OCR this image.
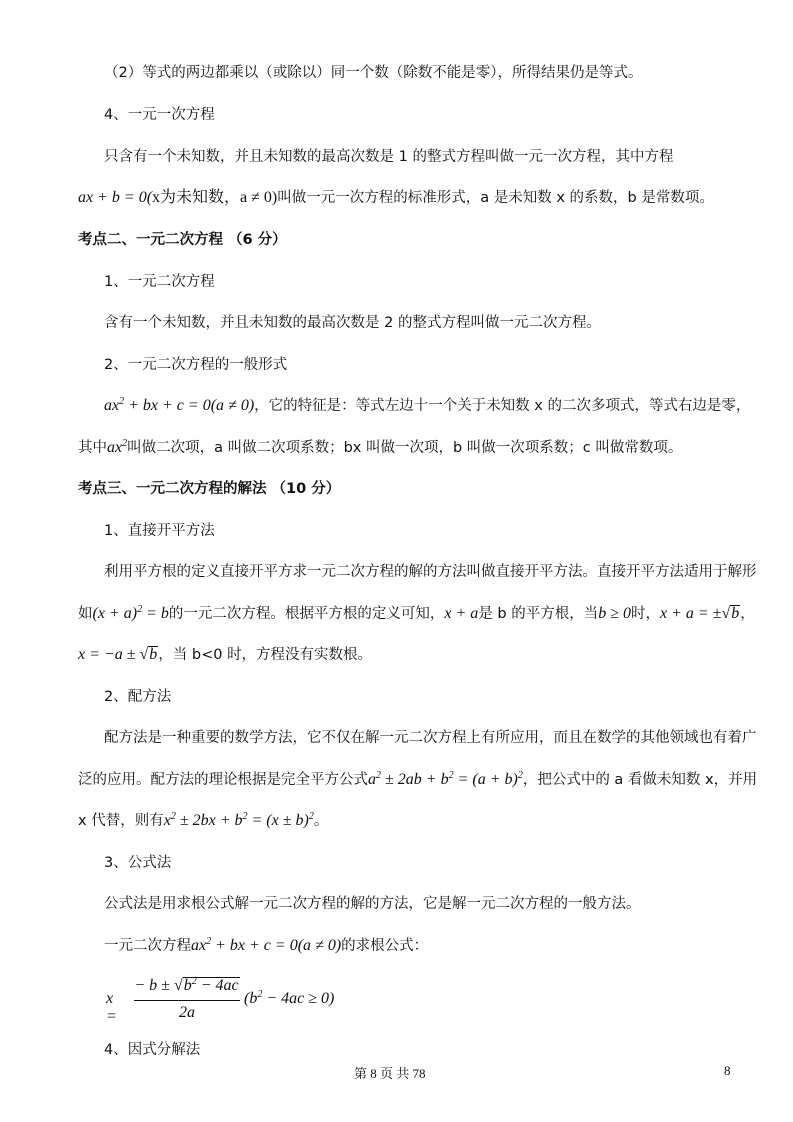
（2）等式的两边都乘以（或除以）同一个数（除数不能是零），所得结果仍是等式。
4、一元一次方程
只含有一个未知数，并且未知数的最高次数是 1 的整式方程叫做一元一次方程，其中方程
ax + b = 0(x为未知数，a ≠ 0)叫做一元一次方程的标准形式，a 是未知数 x 的系数，b 是常数项。
考点二、一元二次方程 （6 分）
1、一元二次方程
含有一个未知数，并且未知数的最高次数是 2 的整式方程叫做一元二次方程。
2、一元二次方程的一般形式
$ax^2$ + bx + c = 0(a ≠ 0)，它的特征是：等式左边十一个关于未知数 x 的二次多项式，等式右边是零，
其中$ax^2$叫做二次项，a 叫做二次项系数；bx 叫做一次项，b 叫做一次项系数；c 叫做常数项。
考点三、一元二次方程的解法 （10 分）
1、直接开平方法
利用平方根的定义直接开平方求一元二次方程的解的方法叫做直接开平方法。直接开平方法适用于解形
如$(x + a)^2 = b$的一元二次方程。根据平方根的定义可知，x + a是 b 的平方根，当b ≥ 0时，x + a = ±√b，
x = −a ± √b，当 b<0 时，方程没有实数根。
2、配方法
配方法是一种重要的数学方法，它不仅在解一元二次方程上有所应用，而且在数学的其他领域也有着广
泛的应用。配方法的理论根据是完全平方公式$a^2 \pm 2ab + b^2 = (a + b)^2$，把公式中的 a 看做未知数 x，并用
x 代替，则有$x^2 \pm 2bx + b^2 = (x \pm b)^2$。
3、公式法
公式法是用求根公式解一元二次方程的解的方法，它是解一元二次方程的一般方法。
一元二次方程$ax^2$ + bx + c = 0(a ≠ 0)的求根公式：
x =
− $b \pm √b^2 - 4ac$
2a
$(b^2 - 4ac \ge 0)$
4、因式分解法
第 8 页 共 78	8
